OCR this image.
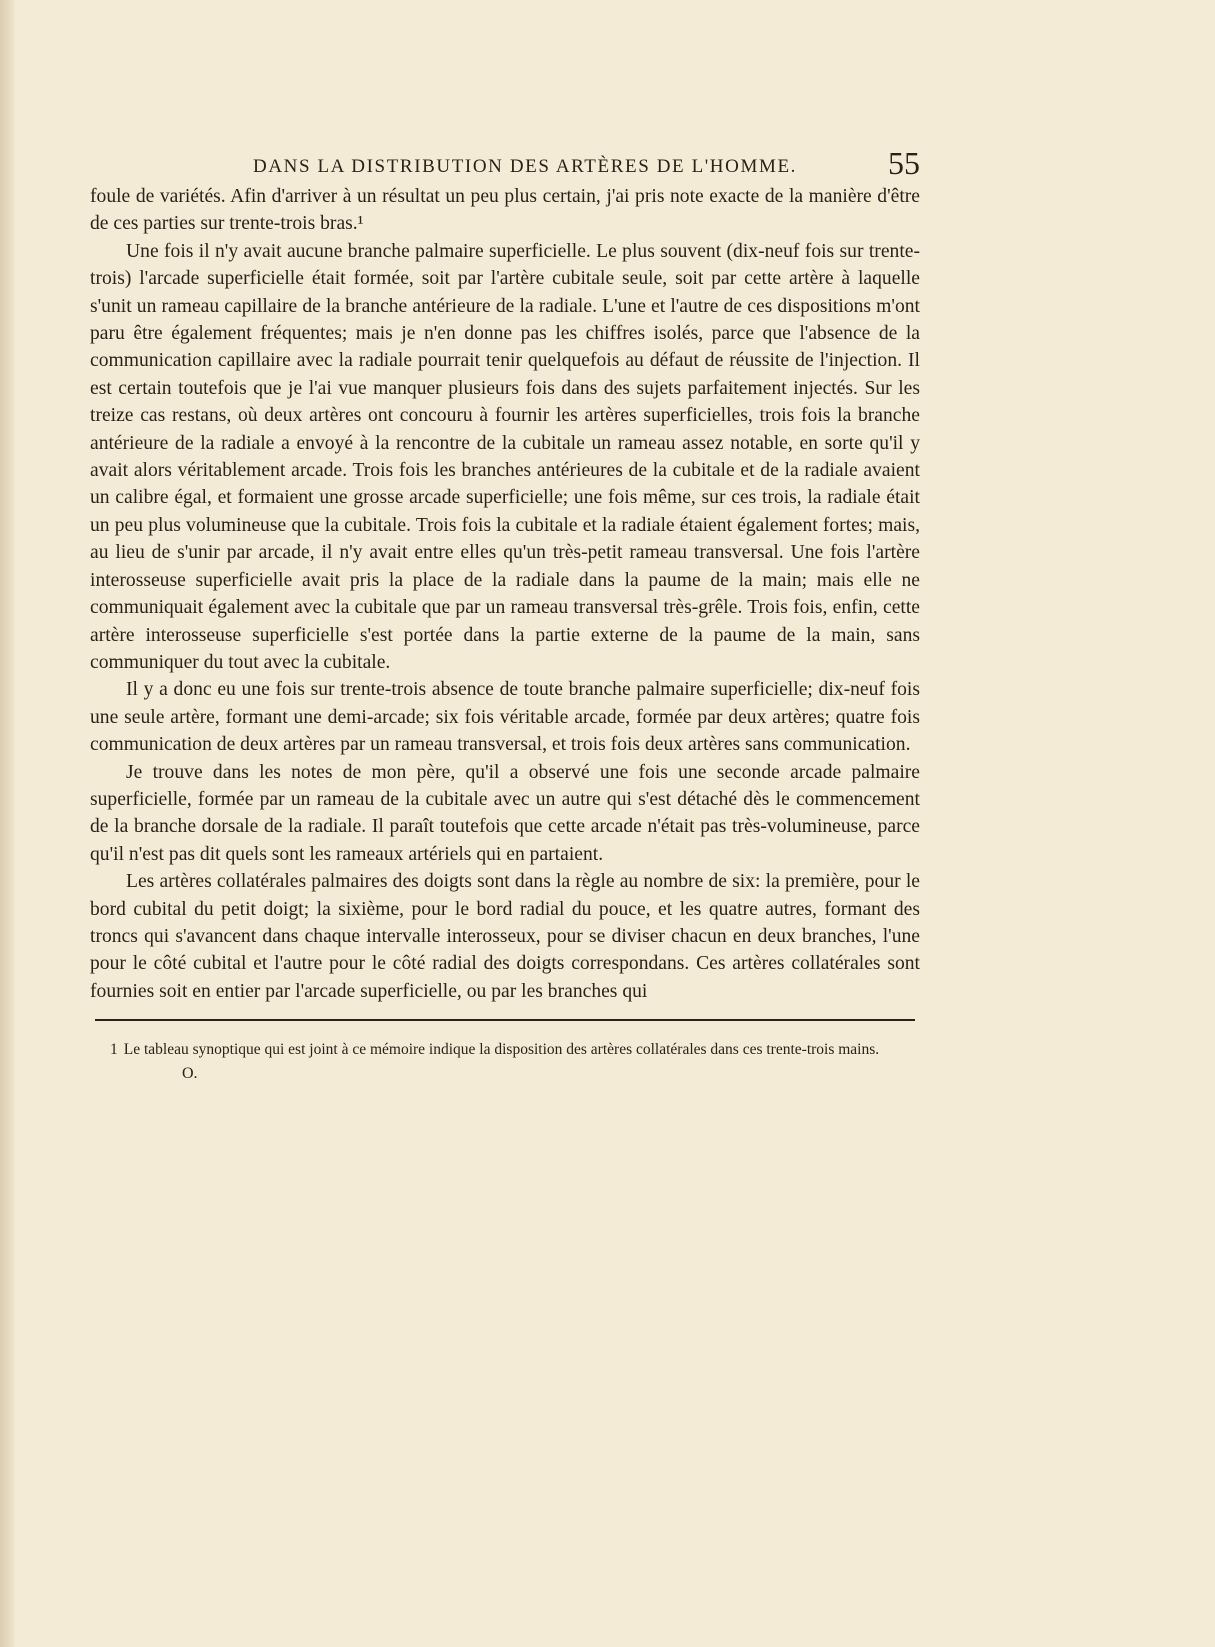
DANS LA DISTRIBUTION DES ARTÈRES DE L'HOMME.	55

foule de variétés. Afin d'arriver à un résultat un peu plus certain, j'ai pris note exacte de la manière d'être de ces parties sur trente-trois bras.¹

Une fois il n'y avait aucune branche palmaire superficielle. Le plus souvent (dix-neuf fois sur trente-trois) l'arcade superficielle était formée, soit par l'artère cubitale seule, soit par cette artère à laquelle s'unit un rameau capillaire de la branche antérieure de la radiale. L'une et l'autre de ces dispositions m'ont paru être également fréquentes; mais je n'en donne pas les chiffres isolés, parce que l'absence de la communication capillaire avec la radiale pourrait tenir quelquefois au défaut de réussite de l'injection. Il est certain toutefois que je l'ai vue manquer plusieurs fois dans des sujets parfaitement injectés. Sur les treize cas restans, où deux artères ont concouru à fournir les artères superficielles, trois fois la branche antérieure de la radiale a envoyé à la rencontre de la cubitale un rameau assez notable, en sorte qu'il y avait alors véritablement arcade. Trois fois les branches antérieures de la cubitale et de la radiale avaient un calibre égal, et formaient une grosse arcade superficielle; une fois même, sur ces trois, la radiale était un peu plus volumineuse que la cubitale. Trois fois la cubitale et la radiale étaient également fortes; mais, au lieu de s'unir par arcade, il n'y avait entre elles qu'un très-petit rameau transversal. Une fois l'artère interosseuse superficielle avait pris la place de la radiale dans la paume de la main; mais elle ne communiquait également avec la cubitale que par un rameau transversal très-grêle. Trois fois, enfin, cette artère interosseuse superficielle s'est portée dans la partie externe de la paume de la main, sans communiquer du tout avec la cubitale.

Il y a donc eu une fois sur trente-trois absence de toute branche palmaire superficielle; dix-neuf fois une seule artère, formant une demi-arcade; six fois véritable arcade, formée par deux artères; quatre fois communication de deux artères par un rameau transversal, et trois fois deux artères sans communication.

Je trouve dans les notes de mon père, qu'il a observé une fois une seconde arcade palmaire superficielle, formée par un rameau de la cubitale avec un autre qui s'est détaché dès le commencement de la branche dorsale de la radiale. Il paraît toutefois que cette arcade n'était pas très-volumineuse, parce qu'il n'est pas dit quels sont les rameaux artériels qui en partaient.

Les artères collatérales palmaires des doigts sont dans la règle au nombre de six: la première, pour le bord cubital du petit doigt; la sixième, pour le bord radial du pouce, et les quatre autres, formant des troncs qui s'avancent dans chaque intervalle interosseux, pour se diviser chacun en deux branches, l'une pour le côté cubital et l'autre pour le côté radial des doigts correspondans. Ces artères collatérales sont fournies soit en entier par l'arcade superficielle, ou par les branches qui

1 Le tableau synoptique qui est joint à ce mémoire indique la disposition des artères collatérales dans ces trente-trois mains.

O.
